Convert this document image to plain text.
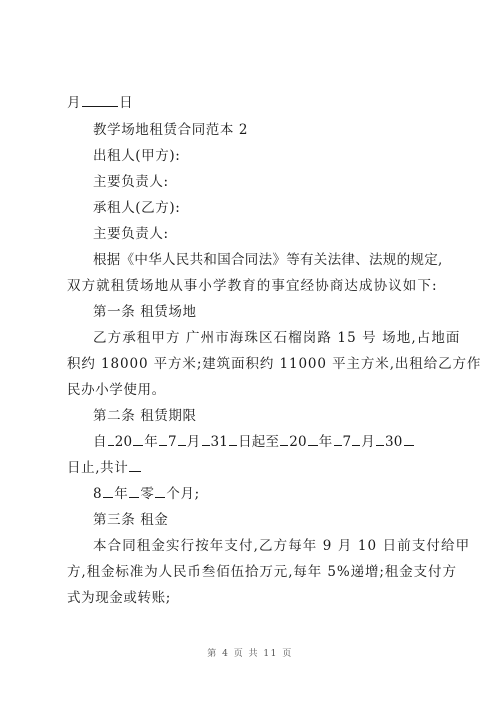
月	日
教学场地租赁合同范本 2
出租人(甲方):
主要负责人:
承租人(乙方):
主要负责人:
根据《中华人民共和国合同法》等有关法律、法规的规定,
双方就租赁场地从事小学教育的事宜经协商达成协议如下:
第一条 租赁场地
乙方承租甲方 广州市海珠区石榴岗路 15 号 场地,占地面
积约 18000 平方米;建筑面积约 11000 平主方米,出租给乙方作
民办小学使用。
第二条 租赁期限
自 20 年 7 月 31 日起至 20 年 7 月 30
日止,共计
8 年 零 个月;
第三条 租金
本合同租金实行按年支付,乙方每年 9 月 10 日前支付给甲
方,租金标准为人民币叁佰伍拾万元,每年 5%递增;租金支付方
式为现金或转账;
第 4 页 共 11 页
